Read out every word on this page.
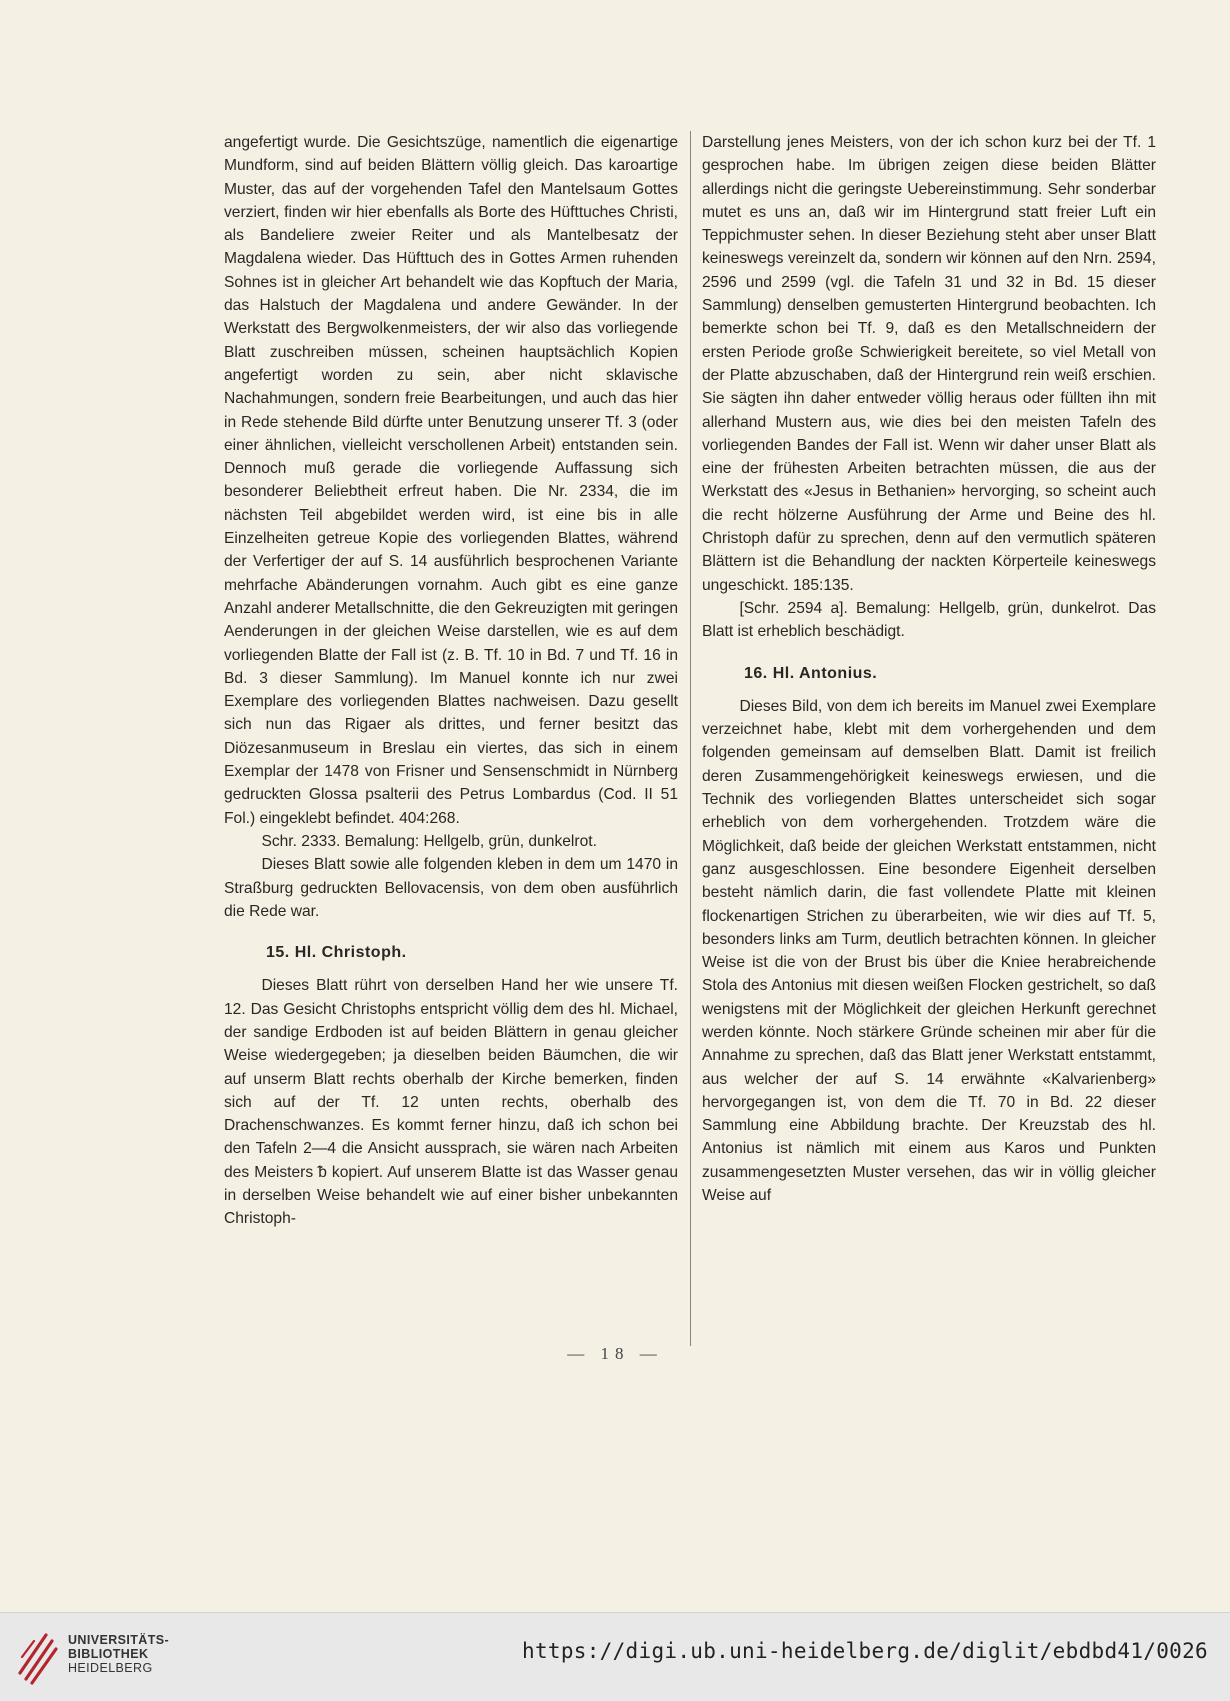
angefertigt wurde. Die Gesichtszüge, namentlich die eigenartige Mundform, sind auf beiden Blättern völlig gleich. Das karoartige Muster, das auf der vorgehenden Tafel den Mantelsaum Gottes verziert, finden wir hier ebenfalls als Borte des Hüfttuches Christi, als Bandeliere zweier Reiter und als Mantelbesatz der Magdalena wieder. Das Hüfttuch des in Gottes Armen ruhenden Sohnes ist in gleicher Art behandelt wie das Kopftuch der Maria, das Halstuch der Magdalena und andere Gewänder. In der Werkstatt des Bergwolkenmeisters, der wir also das vorliegende Blatt zuschreiben müssen, scheinen hauptsächlich Kopien angefertigt worden zu sein, aber nicht sklavische Nachahmungen, sondern freie Bearbeitungen, und auch das hier in Rede stehende Bild dürfte unter Benutzung unserer Tf. 3 (oder einer ähnlichen, vielleicht verschollenen Arbeit) entstanden sein. Dennoch muß gerade die vorliegende Auffassung sich besonderer Beliebtheit erfreut haben. Die Nr. 2334, die im nächsten Teil abgebildet werden wird, ist eine bis in alle Einzelheiten getreue Kopie des vorliegenden Blattes, während der Verfertiger der auf S. 14 ausführlich besprochenen Variante mehrfache Abänderungen vornahm. Auch gibt es eine ganze Anzahl anderer Metallschnitte, die den Gekreuzigten mit geringen Aenderungen in der gleichen Weise darstellen, wie es auf dem vorliegenden Blatte der Fall ist (z. B. Tf. 10 in Bd. 7 und Tf. 16 in Bd. 3 dieser Sammlung). Im Manuel konnte ich nur zwei Exemplare des vorliegenden Blattes nachweisen. Dazu gesellt sich nun das Rigaer als drittes, und ferner besitzt das Diözesanmuseum in Breslau ein viertes, das sich in einem Exemplar der 1478 von Frisner und Sensenschmidt in Nürnberg gedruckten Glossa psalterii des Petrus Lombardus (Cod. II 51 Fol.) eingeklebt befindet. 404:268.

Schr. 2333. Bemalung: Hellgelb, grün, dunkelrot.

Dieses Blatt sowie alle folgenden kleben in dem um 1470 in Straßburg gedruckten Bellovacensis, von dem oben ausführlich die Rede war.

15. Hl. Christoph.

Dieses Blatt rührt von derselben Hand her wie unsere Tf. 12. Das Gesicht Christophs entspricht völlig dem des hl. Michael, der sandige Erdboden ist auf beiden Blättern in genau gleicher Weise wiedergegeben; ja dieselben beiden Bäumchen, die wir auf unserm Blatt rechts oberhalb der Kirche bemerken, finden sich auf der Tf. 12 unten rechts, oberhalb des Drachenschwanzes. Es kommt ferner hinzu, daß ich schon bei den Tafeln 2—4 die Ansicht aussprach, sie wären nach Arbeiten des Meisters ᵬ kopiert. Auf unserem Blatte ist das Wasser genau in derselben Weise behandelt wie auf einer bisher unbekannten Christoph-

Darstellung jenes Meisters, von der ich schon kurz bei der Tf. 1 gesprochen habe. Im übrigen zeigen diese beiden Blätter allerdings nicht die geringste Uebereinstimmung. Sehr sonderbar mutet es uns an, daß wir im Hintergrund statt freier Luft ein Teppichmuster sehen. In dieser Beziehung steht aber unser Blatt keineswegs vereinzelt da, sondern wir können auf den Nrn. 2594, 2596 und 2599 (vgl. die Tafeln 31 und 32 in Bd. 15 dieser Sammlung) denselben gemusterten Hintergrund beobachten. Ich bemerkte schon bei Tf. 9, daß es den Metallschneidern der ersten Periode große Schwierigkeit bereitete, so viel Metall von der Platte abzuschaben, daß der Hintergrund rein weiß erschien. Sie sägten ihn daher entweder völlig heraus oder füllten ihn mit allerhand Mustern aus, wie dies bei den meisten Tafeln des vorliegenden Bandes der Fall ist. Wenn wir daher unser Blatt als eine der frühesten Arbeiten betrachten müssen, die aus der Werkstatt des «Jesus in Bethanien» hervorging, so scheint auch die recht hölzerne Ausführung der Arme und Beine des hl. Christoph dafür zu sprechen, denn auf den vermutlich späteren Blättern ist die Behandlung der nackten Körperteile keineswegs ungeschickt. 185:135.

[Schr. 2594 a]. Bemalung: Hellgelb, grün, dunkelrot. Das Blatt ist erheblich beschädigt.

16. Hl. Antonius.

Dieses Bild, von dem ich bereits im Manuel zwei Exemplare verzeichnet habe, klebt mit dem vorhergehenden und dem folgenden gemeinsam auf demselben Blatt. Damit ist freilich deren Zusammengehörigkeit keineswegs erwiesen, und die Technik des vorliegenden Blattes unterscheidet sich sogar erheblich von dem vorhergehenden. Trotzdem wäre die Möglichkeit, daß beide der gleichen Werkstatt entstammen, nicht ganz ausgeschlossen. Eine besondere Eigenheit derselben besteht nämlich darin, die fast vollendete Platte mit kleinen flockenartigen Strichen zu überarbeiten, wie wir dies auf Tf. 5, besonders links am Turm, deutlich betrachten können. In gleicher Weise ist die von der Brust bis über die Kniee herabreichende Stola des Antonius mit diesen weißen Flocken gestrichelt, so daß wenigstens mit der Möglichkeit der gleichen Herkunft gerechnet werden könnte. Noch stärkere Gründe scheinen mir aber für die Annahme zu sprechen, daß das Blatt jener Werkstatt entstammt, aus welcher der auf S. 14 erwähnte «Kalvarienberg» hervorgegangen ist, von dem die Tf. 70 in Bd. 22 dieser Sammlung eine Abbildung brachte. Der Kreuzstab des hl. Antonius ist nämlich mit einem aus Karos und Punkten zusammengesetzten Muster versehen, das wir in völlig gleicher Weise auf

— 18 —
UNIVERSITÄTS-
BIBLIOTHEK
HEIDELBERG
https://digi.ub.uni-heidelberg.de/diglit/ebdbd41/0026
